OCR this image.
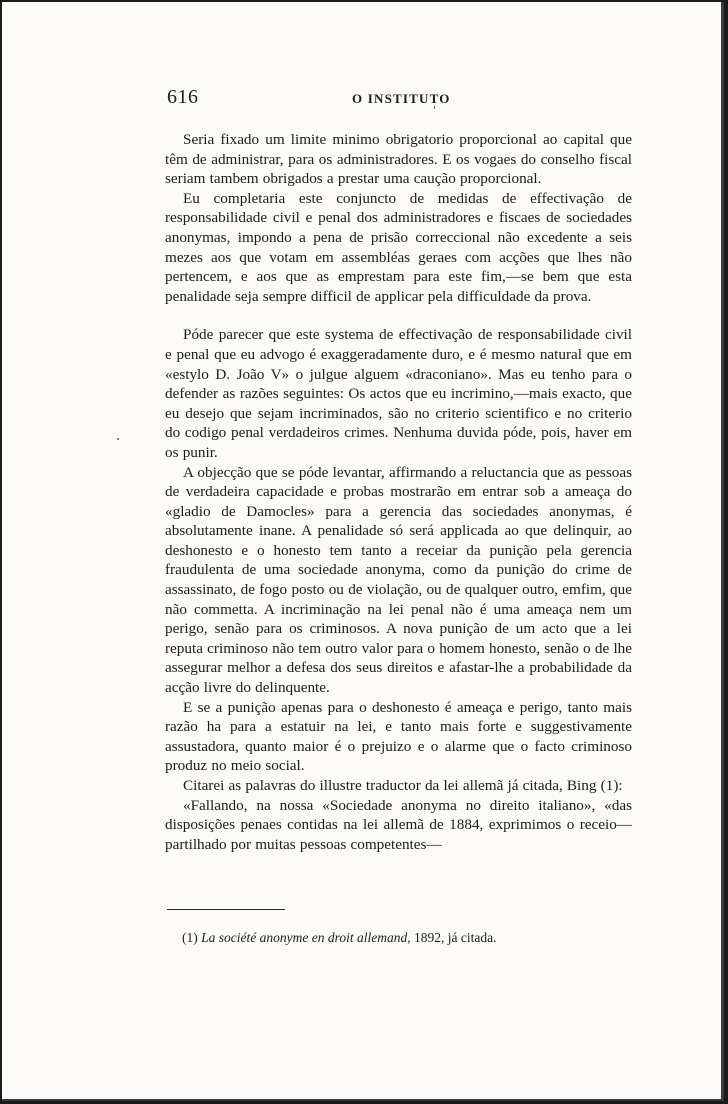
616	O INSTITUTO

Seria fixado um limite minimo obrigatorio proporcional ao capital que têm de administrar, para os administradores. E os vogaes do conselho fiscal seriam tambem obrigados a prestar uma caução proporcional.

Eu completaria este conjuncto de medidas de effectivação de responsabilidade civil e penal dos administradores e fiscaes de sociedades anonymas, impondo a pena de prisão correccional não excedente a seis mezes aos que votam em assembléas geraes com acções que lhes não pertencem, e aos que as emprestam para este fim,—se bem que esta penalidade seja sempre difficil de applicar pela difficuldade da prova.

Póde parecer que este systema de effectivação de responsabilidade civil e penal que eu advogo é exaggeradamente duro, e é mesmo natural que em «estylo D. João V» o julgue alguem «draconiano». Mas eu tenho para o defender as razões seguintes: Os actos que eu incrimino,—mais exacto, que eu desejo que sejam incriminados, são no criterio scientifico e no criterio do codigo penal verdadeiros crimes. Nenhuma duvida póde, pois, haver em os punir.

A objecção que se póde levantar, affirmando a reluctancia que as pessoas de verdadeira capacidade e probas mostrarão em entrar sob a ameaça do «gladio de Damocles» para a gerencia das sociedades anonymas, é absolutamente inane. A penalidade só será applicada ao que delinquir, ao deshonesto e o honesto tem tanto a receiar da punição pela gerencia fraudulenta de uma sociedade anonyma, como da punição do crime de assassinato, de fogo posto ou de violação, ou de qualquer outro, emfim, que não commetta. A incriminação na lei penal não é uma ameaça nem um perigo, senão para os criminosos. A nova punição de um acto que a lei reputa criminoso não tem outro valor para o homem honesto, senão o de lhe assegurar melhor a defesa dos seus direitos e afastar-lhe a probabilidade da acção livre do delinquente.

E se a punição apenas para o deshonesto é ameaça e perigo, tanto mais razão ha para a estatuir na lei, e tanto mais forte e suggestivamente assustadora, quanto maior é o prejuizo e o alarme que o facto criminoso produz no meio social.

Citarei as palavras do illustre traductor da lei allemã já citada, Bing (1):

«Fallando, na nossa «Sociedade anonyma no direito italiano», «das disposições penaes contidas na lei allemã de 1884, exprimimos o receio—partilhado por muitas pessoas competentes—

(1) La société anonyme en droit allemand, 1892, já citada.
